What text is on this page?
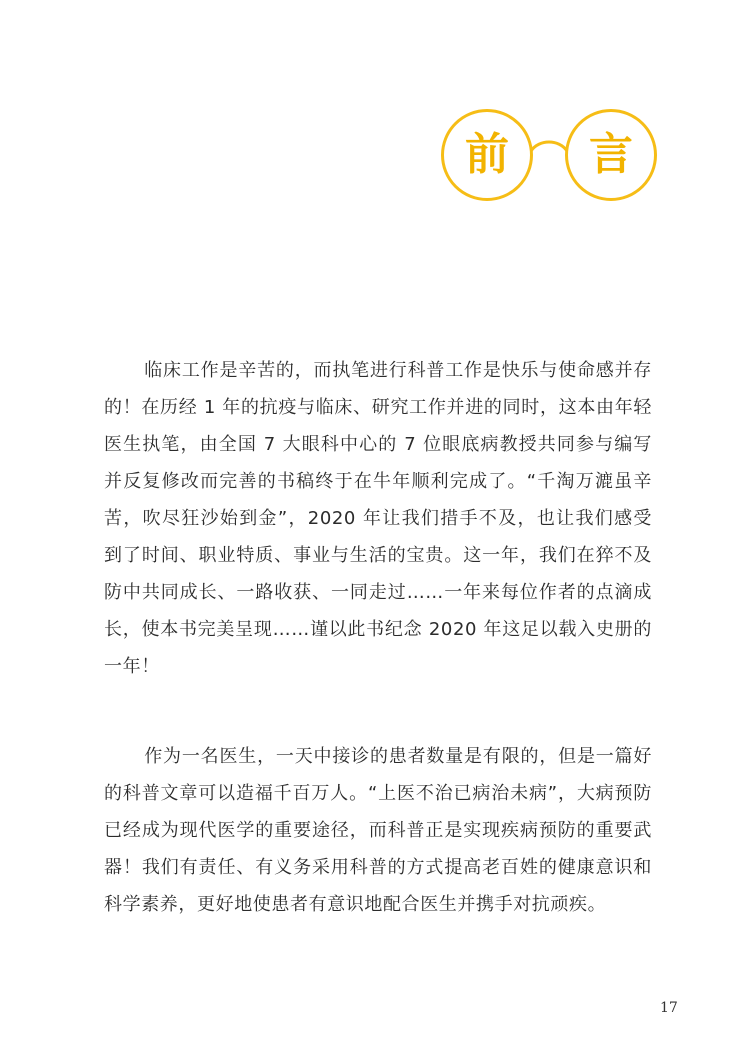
前 言
临床工作是辛苦的，而执笔进行科普工作是快乐与使命感并存的！在历经 1 年的抗疫与临床、研究工作并进的同时，这本由年轻医生执笔，由全国 7 大眼科中心的 7 位眼底病教授共同参与编写并反复修改而完善的书稿终于在牛年顺利完成了。“千淘万漉虽辛苦，吹尽狂沙始到金”，2020 年让我们措手不及，也让我们感受到了时间、职业特质、事业与生活的宝贵。这一年，我们在猝不及防中共同成长、一路收获、一同走过……一年来每位作者的点滴成长，使本书完美呈现……谨以此书纪念 2020 年这足以载入史册的一年！
作为一名医生，一天中接诊的患者数量是有限的，但是一篇好的科普文章可以造福千百万人。“上医不治已病治未病”，大病预防已经成为现代医学的重要途径，而科普正是实现疾病预防的重要武器！我们有责任、有义务采用科普的方式提高老百姓的健康意识和科学素养，更好地使患者有意识地配合医生并携手对抗顽疾。
17
